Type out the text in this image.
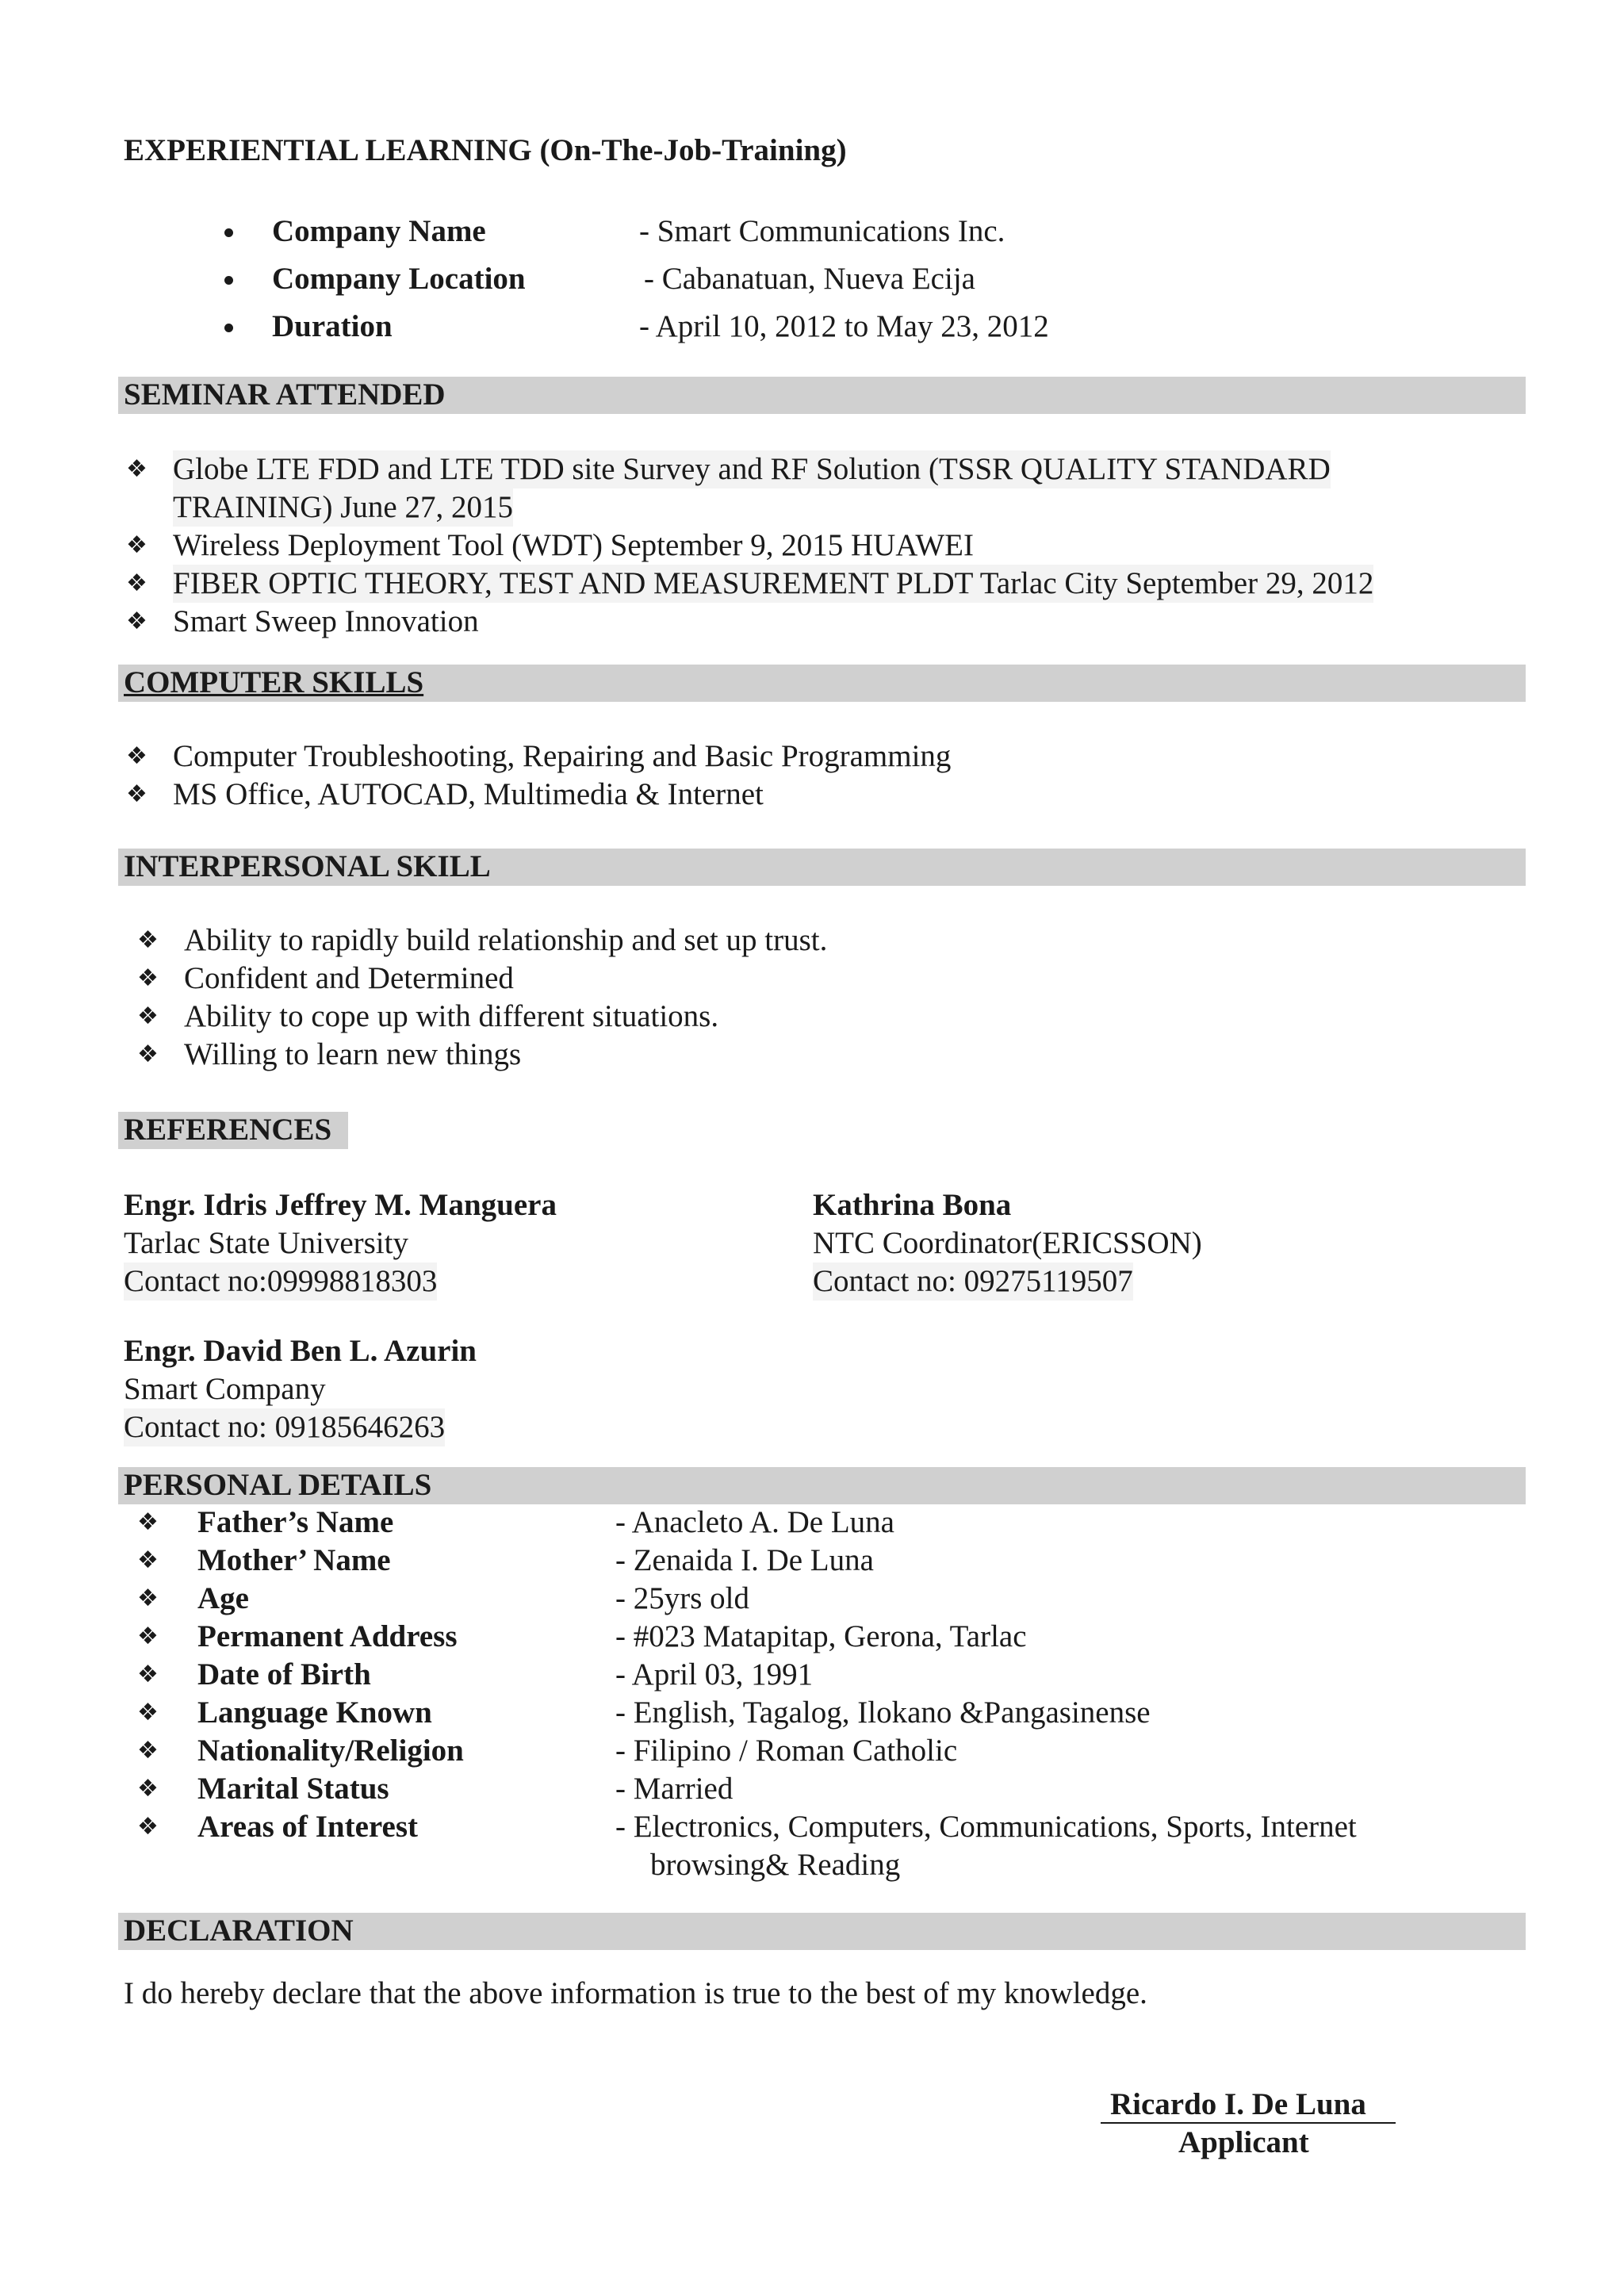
EXPERIENTIAL LEARNING (On-The-Job-Training)
Company Name	- Smart Communications Inc.
Company Location	- Cabanatuan, Nueva Ecija
Duration	- April 10, 2012 to May 23, 2012
SEMINAR ATTENDED
❖ Globe LTE FDD and LTE TDD site Survey and RF Solution (TSSR QUALITY STANDARD
TRAINING) June 27, 2015
❖ Wireless Deployment Tool (WDT) September 9, 2015 HUAWEI
❖ FIBER OPTIC THEORY, TEST AND MEASUREMENT PLDT Tarlac City September 29, 2012
❖ Smart Sweep Innovation
COMPUTER SKILLS
❖ Computer Troubleshooting, Repairing and Basic Programming
❖ MS Office, AUTOCAD, Multimedia & Internet
INTERPERSONAL SKILL
❖ Ability to rapidly build relationship and set up trust.
❖ Confident and Determined
❖ Ability to cope up with different situations.
❖ Willing to learn new things
REFERENCES
Engr. Idris Jeffrey M. Manguera
Tarlac State University
Contact no:09998818303
Kathrina Bona
NTC Coordinator(ERICSSON)
Contact no: 09275119507
Engr. David Ben L. Azurin
Smart Company
Contact no: 09185646263
PERSONAL DETAILS
❖ Father’s Name	- Anacleto A. De Luna
❖ Mother’ Name	- Zenaida I. De Luna
❖ Age	- 25yrs old
❖ Permanent Address	- #023 Matapitap, Gerona, Tarlac
❖ Date of Birth	- April 03, 1991
❖ Language Known	- English, Tagalog, Ilokano &Pangasinense
❖ Nationality/Religion	- Filipino / Roman Catholic
❖ Marital Status	- Married
❖ Areas of Interest	- Electronics, Computers, Communications, Sports, Internet
browsing& Reading
DECLARATION
I do hereby declare that the above information is true to the best of my knowledge.
Ricardo I. De Luna
Applicant
